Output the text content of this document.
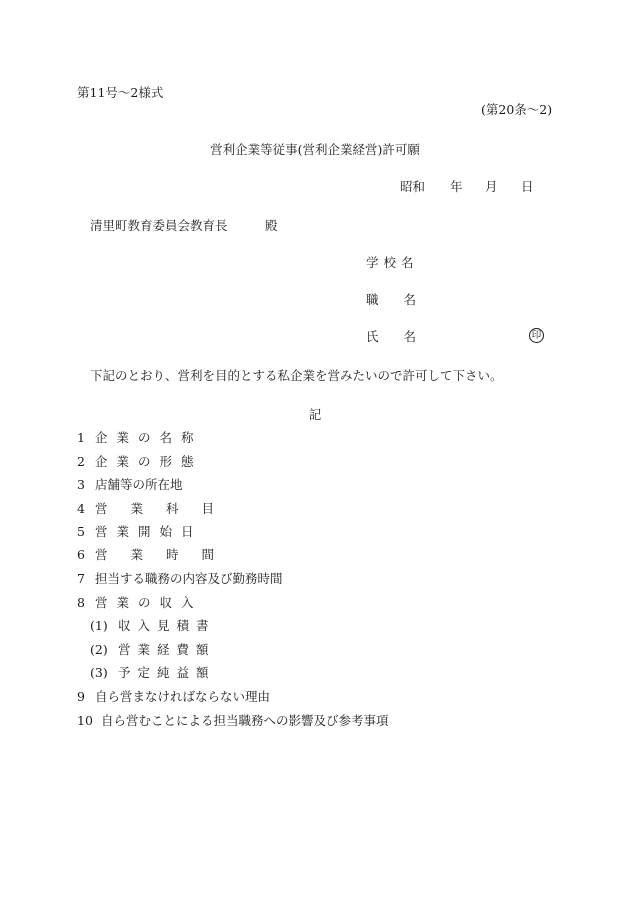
第11号～2様式
(第20条～2)
営利企業等従事(営利企業経営)許可願
昭和 年 月 日
清里町教育委員会教育長	殿
学校名
職名
氏名	印
下記のとおり、営利を目的とする私企業を営みたいので許可して下さい。
記
1 企業の名称
2 企業の形態
3 店舗等の所在地
4 営業科目
5 営業開始日
6 営業時間
7 担当する職務の内容及び勤務時間
8 営業の収入
(1) 収入見積書
(2) 営業経費額
(3) 予定純益額
9 自ら営まなければならない理由
10 自ら営むことによる担当職務への影響及び参考事項
